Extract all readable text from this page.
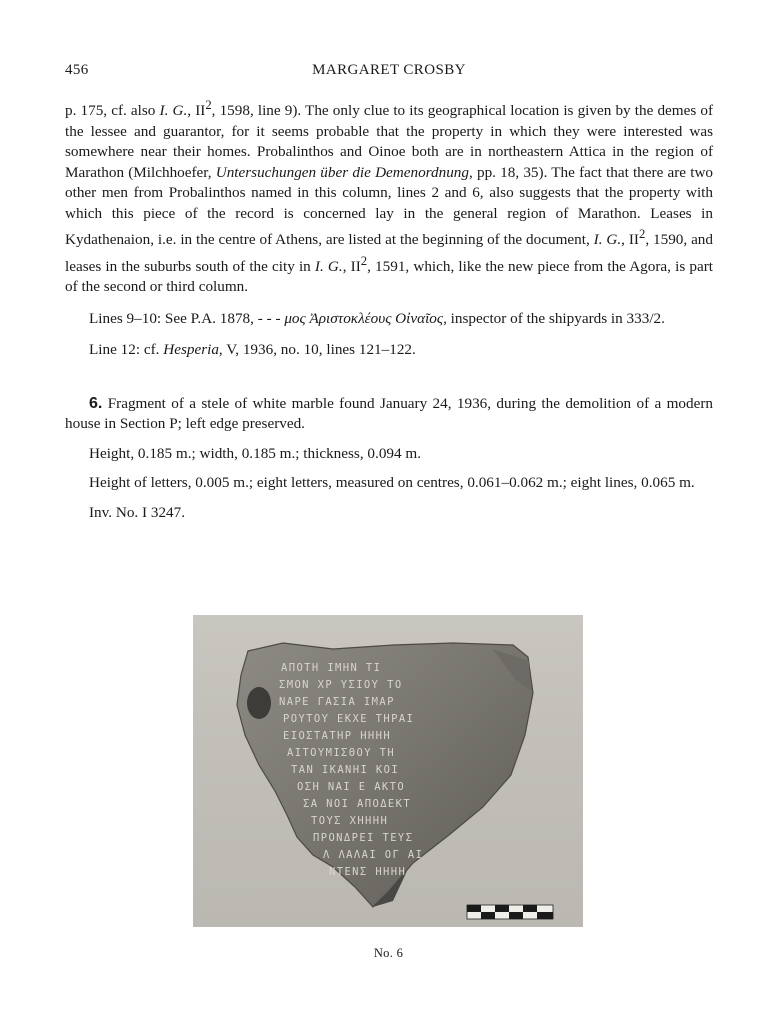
456	MARGARET CROSBY

p. 175, cf. also I. G., $II^2$, 1598, line 9). The only clue to its geographical location is given by the demes of the lessee and guarantor, for it seems probable that the property in which they were interested was somewhere near their homes. Probalinthos and Oinoe both are in northeastern Attica in the region of Marathon (Milchhoefer, Untersuchungen über die Demenordnung, pp. 18, 35). The fact that there are two other men from Probalinthos named in this column, lines 2 and 6, also suggests that the property with which this piece of the record is concerned lay in the general region of Marathon. Leases in Kydathenaion, i.e. in the centre of Athens, are listed at the beginning of the document, I. G., $II^2$, 1590, and leases in the suburbs south of the city in I. G., $II^2$, 1591, which, like the new piece from the Agora, is part of the second or third column.

Lines 9–10: See P.A. 1878, - - - μος Ἀριστοκλέους Οἰναῖος, inspector of the shipyards in 333/2.

Line 12: cf. Hesperia, V, 1936, no. 10, lines 121–122.

6. Fragment of a stele of white marble found January 24, 1936, during the demolition of a modern house in Section Ρ; left edge preserved.

Height, 0.185 m.; width, 0.185 m.; thickness, 0.094 m.

Height of letters, 0.005 m.; eight letters, measured on centres, 0.061–0.062 m.; eight lines, 0.065 m.

Inv. No. I 3247.

ΑΠΟΤΗ ΙΜΗΝ ΤΙ
ΣΜΟΝ ΧΡ ΥΣΙΟΥ ΤΟ
ΝΑΡΕ ΓΑΣΙΑ ΙΜΑΡ
ΡΟΥΤΟΥ ΕΚΧΕ ΤΗΡΑΙ
ΕΙΟΣΤΑΤΗΡ ΗΗΗΗ
ΑΙΤΟΥΜΙΣΘΟΥ ΤΗ
ΤΑΝ ΙΚΑΝΗΙ ΚΟΙ
ΟΣΗ ΝΑΙ Ε ΑΚΤΟ
ΣΑ ΝΟΙ ΑΠΟΔΕΚΤ
ΤΟΥΣ ΧΗΗΗΗ
ΠΡΟΝΔΡΕΙ ΤΕΥΣ
Λ ΛΑΛΑΙ ΟΓ ΑΙ
ΝΤΕΝΣ ΗΗΗΗ
No. 6
